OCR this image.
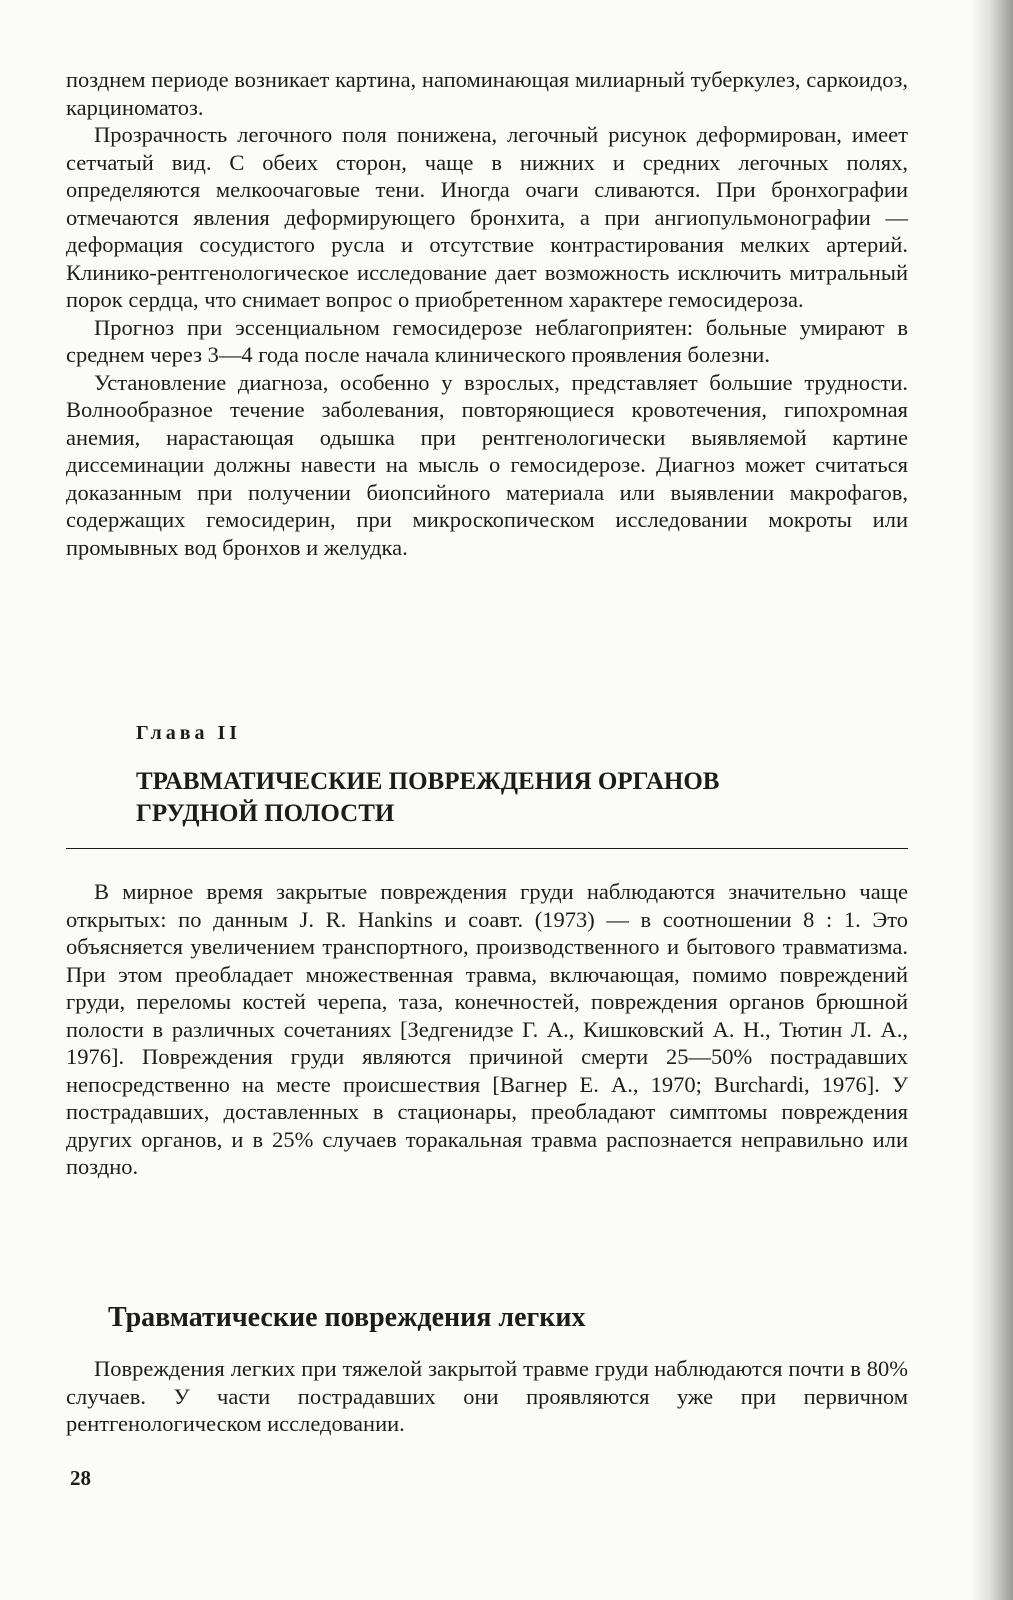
позднем периоде возникает картина, напоминающая милиарный туберкулез, саркоидоз, карциноматоз.

Прозрачность легочного поля понижена, легочный рисунок деформирован, имеет сетчатый вид. С обеих сторон, чаще в нижних и средних легочных полях, определяются мелкоочаговые тени. Иногда очаги сливаются. При бронхографии отмечаются явления деформирующего бронхита, а при ангиопульмонографии — деформация сосудистого русла и отсутствие контрастирования мелких артерий. Клинико-рентгенологическое исследование дает возможность исключить митральный порок сердца, что снимает вопрос о приобретенном характере гемосидероза.

Прогноз при эссенциальном гемосидерозе неблагоприятен: больные умирают в среднем через 3—4 года после начала клинического проявления болезни.

Установление диагноза, особенно у взрослых, представляет большие трудности. Волнообразное течение заболевания, повторяющиеся кровотечения, гипохромная анемия, нарастающая одышка при рентгенологически выявляемой картине диссеминации должны навести на мысль о гемосидерозе. Диагноз может считаться доказанным при получении биопсийного материала или выявлении макрофагов, содержащих гемосидерин, при микроскопическом исследовании мокроты или промывных вод бронхов и желудка.

Глава II
ТРАВМАТИЧЕСКИЕ ПОВРЕЖДЕНИЯ ОРГАНОВ
ГРУДНОЙ ПОЛОСТИ

В мирное время закрытые повреждения груди наблюдаются значительно чаще открытых: по данным J. R. Hankins и соавт. (1973) — в соотношении 8 : 1. Это объясняется увеличением транспортного, производственного и бытового травматизма. При этом преобладает множественная травма, включающая, помимо повреждений груди, переломы костей черепа, таза, конечностей, повреждения органов брюшной полости в различных сочетаниях [Зедгенидзе Г. А., Кишковский А. Н., Тютин Л. А., 1976]. Повреждения груди являются причиной смерти 25—50% пострадавших непосредственно на месте происшествия [Вагнер Е. А., 1970; Burchardi, 1976]. У пострадавших, доставленных в стационары, преобладают симптомы повреждения других органов, и в 25% случаев торакальная травма распознается неправильно или поздно.

Травматические повреждения легких

Повреждения легких при тяжелой закрытой травме груди наблюдаются почти в 80% случаев. У части пострадавших они проявляются уже при первичном рентгенологическом исследовании.

28
